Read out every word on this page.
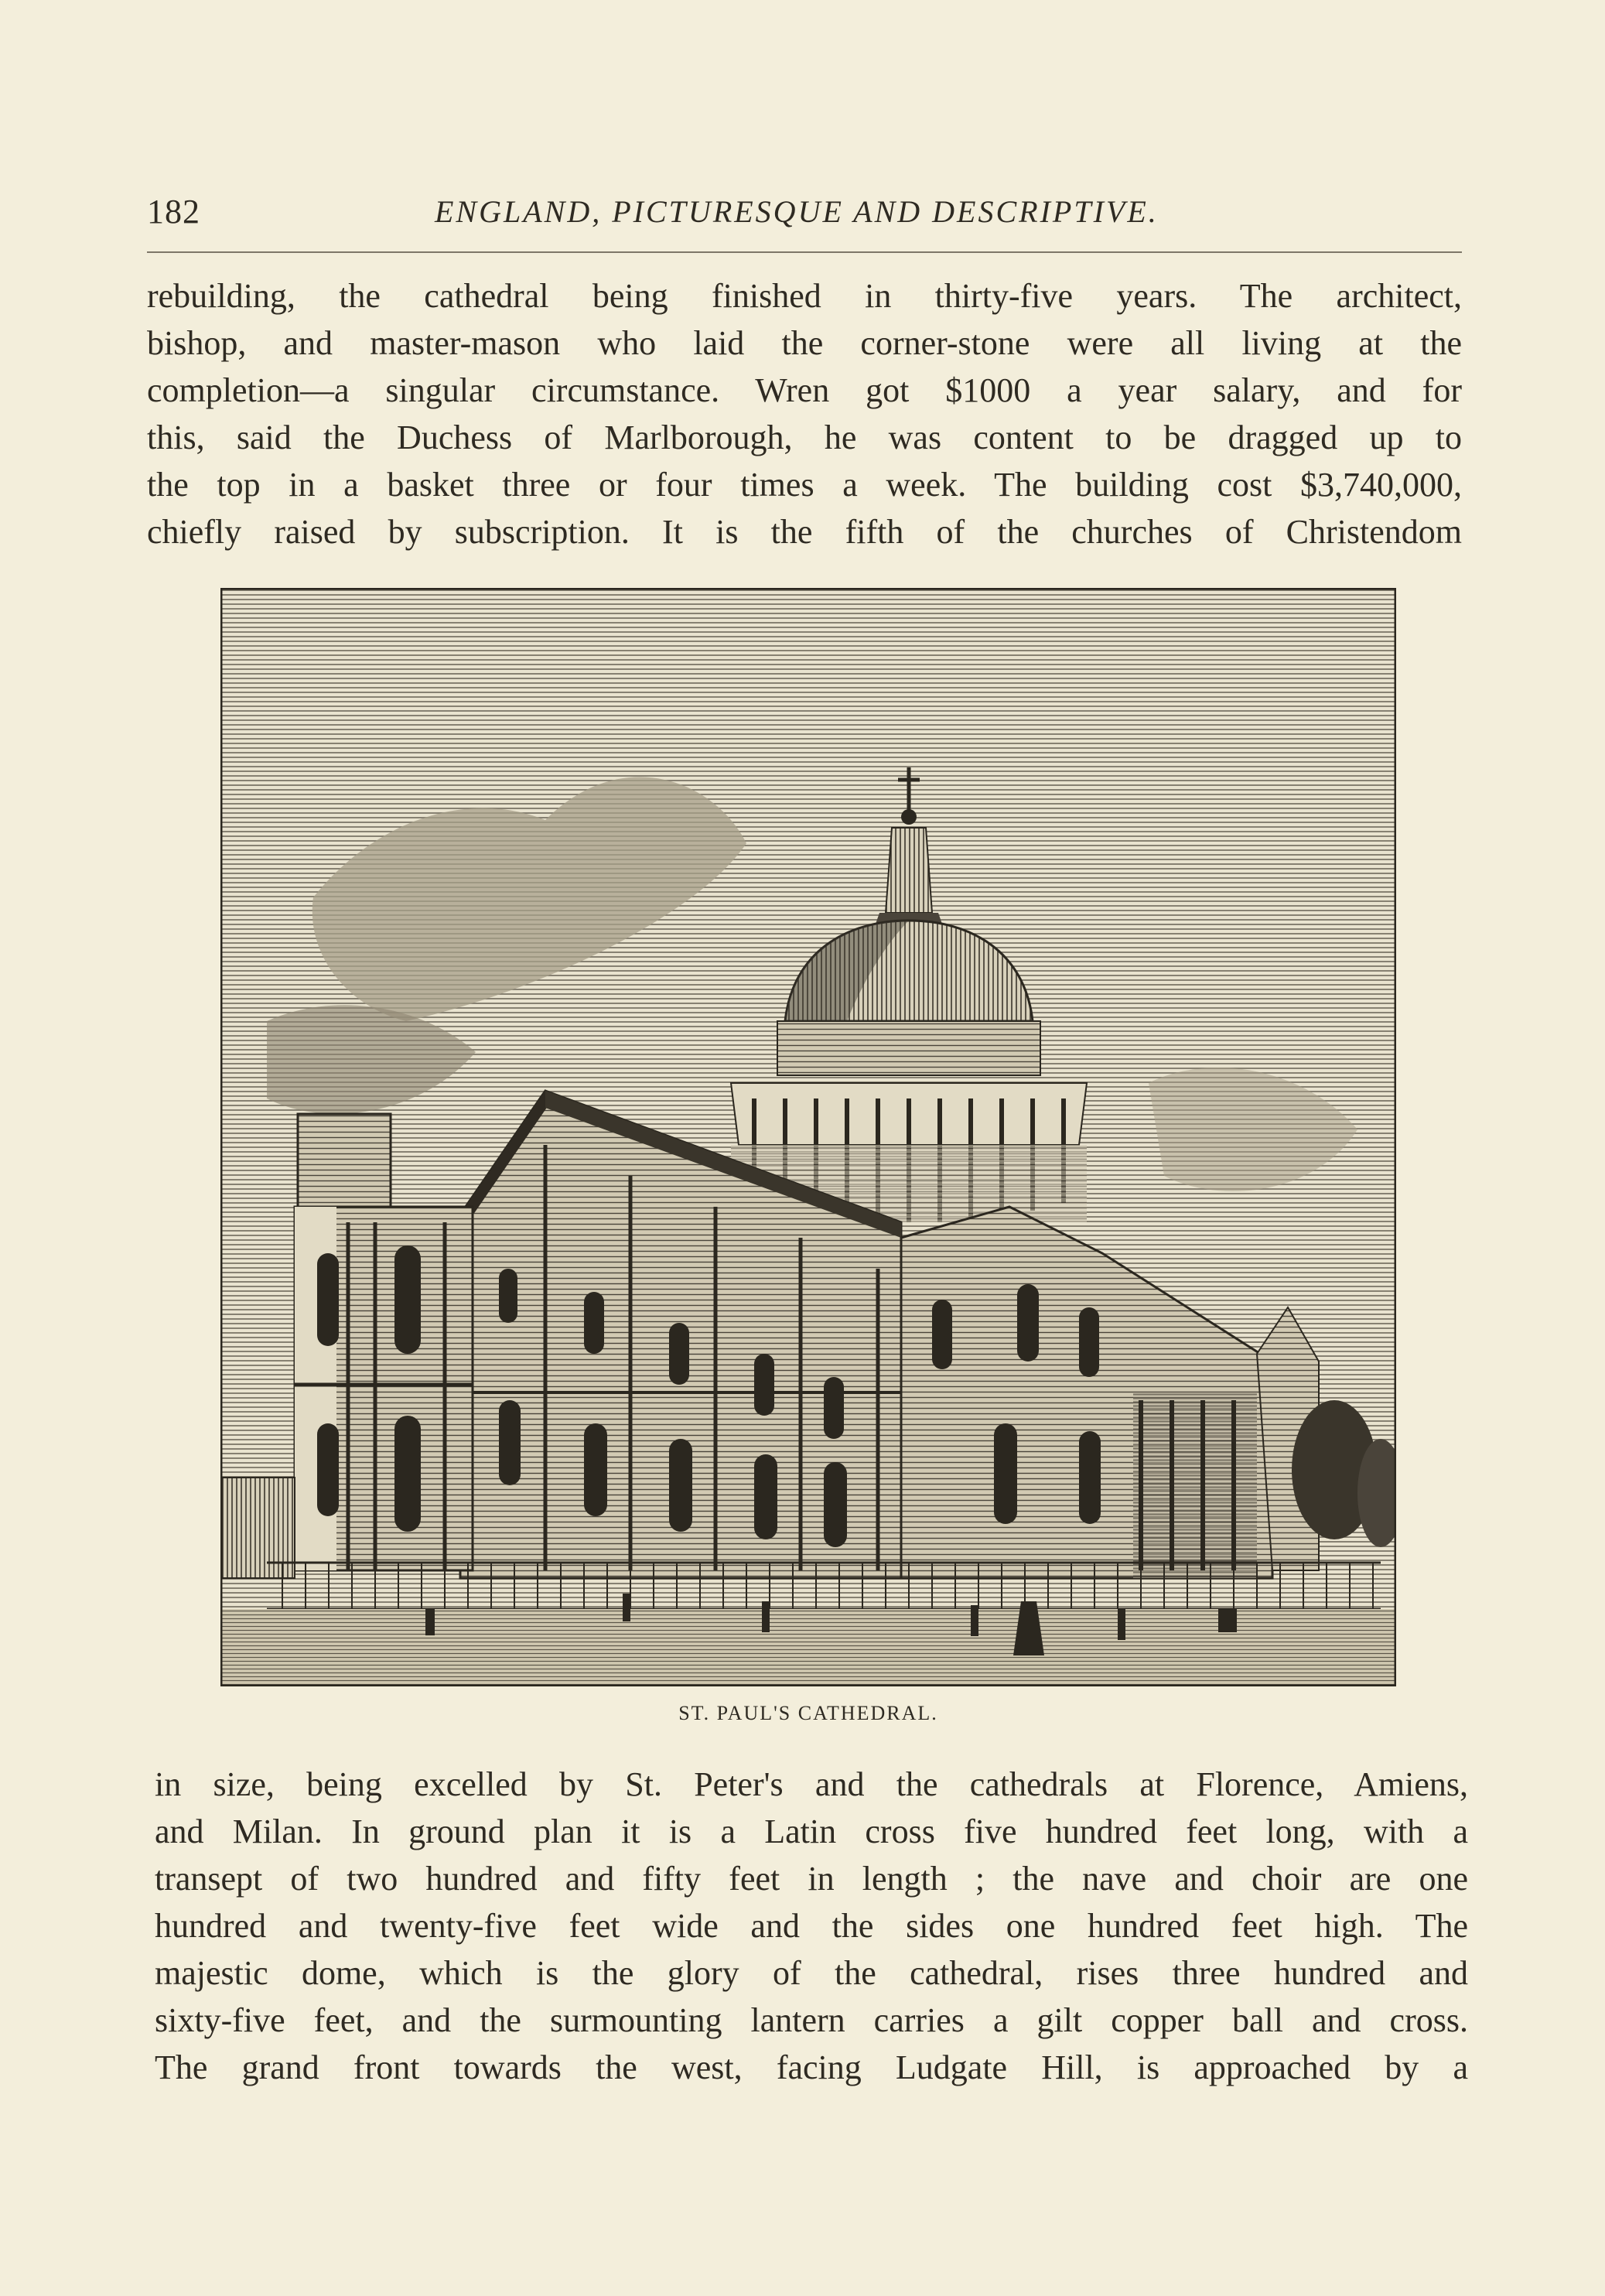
182	ENGLAND, PICTURESQUE AND DESCRIPTIVE.
rebuilding, the cathedral being finished in thirty-five years. The architect,
bishop, and master-mason who laid the corner-stone were all living at the
completion—a singular circumstance. Wren got $1000 a year salary, and for
this, said the Duchess of Marlborough, he was content to be dragged up to
the top in a basket three or four times a week. The building cost $3,740,000,
chiefly raised by subscription. It is the fifth of the churches of Christendom
ST. PAUL'S CATHEDRAL.
in size, being excelled by St. Peter's and the cathedrals at Florence, Amiens,
and Milan. In ground plan it is a Latin cross five hundred feet long, with a
transept of two hundred and fifty feet in length ; the nave and choir are one
hundred and twenty-five feet wide and the sides one hundred feet high. The
majestic dome, which is the glory of the cathedral, rises three hundred and
sixty-five feet, and the surmounting lantern carries a gilt copper ball and cross.
The grand front towards the west, facing Ludgate Hill, is approached by a
